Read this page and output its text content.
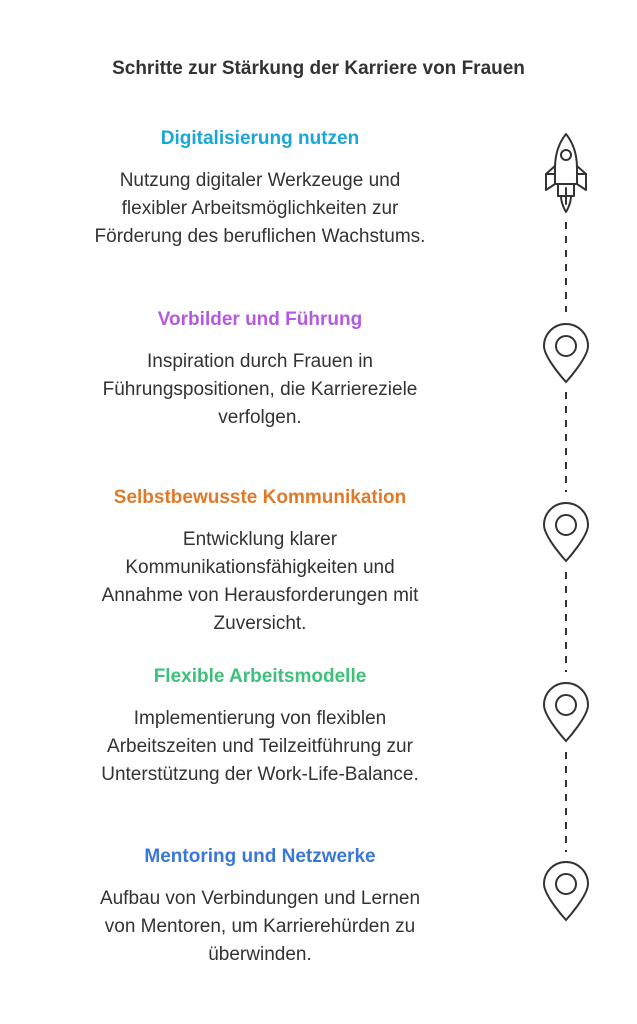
Schritte zur Stärkung der Karriere von Frauen
Digitalisierung nutzen
Nutzung digitaler Werkzeuge und
flexibler Arbeitsmöglichkeiten zur
Förderung des beruflichen Wachstums.
Vorbilder und Führung
Inspiration durch Frauen in
Führungspositionen, die Karriereziele
verfolgen.
Selbstbewusste Kommunikation
Entwicklung klarer
Kommunikationsfähigkeiten und
Annahme von Herausforderungen mit
Zuversicht.
Flexible Arbeitsmodelle
Implementierung von flexiblen
Arbeitszeiten und Teilzeitführung zur
Unterstützung der Work-Life-Balance.
Mentoring und Netzwerke
Aufbau von Verbindungen und Lernen
von Mentoren, um Karrierehürden zu
überwinden.
